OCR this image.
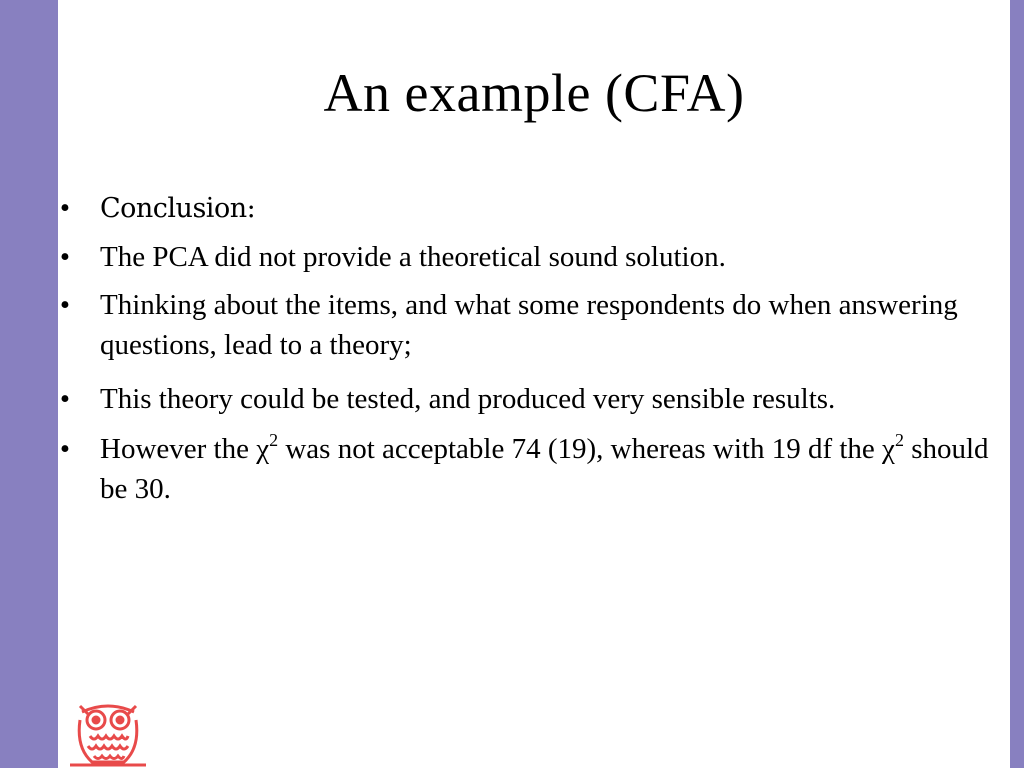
An example (CFA)
• Conclusion:
• The PCA did not provide a theoretical sound solution.
• Thinking about the items, and what some respondents do when answering questions, lead to a theory;
• This theory could be tested, and produced very sensible results.
• However the $\chi^2$ was not acceptable 74 (19), whereas with 19 df the $\chi^2$ should be 30.
